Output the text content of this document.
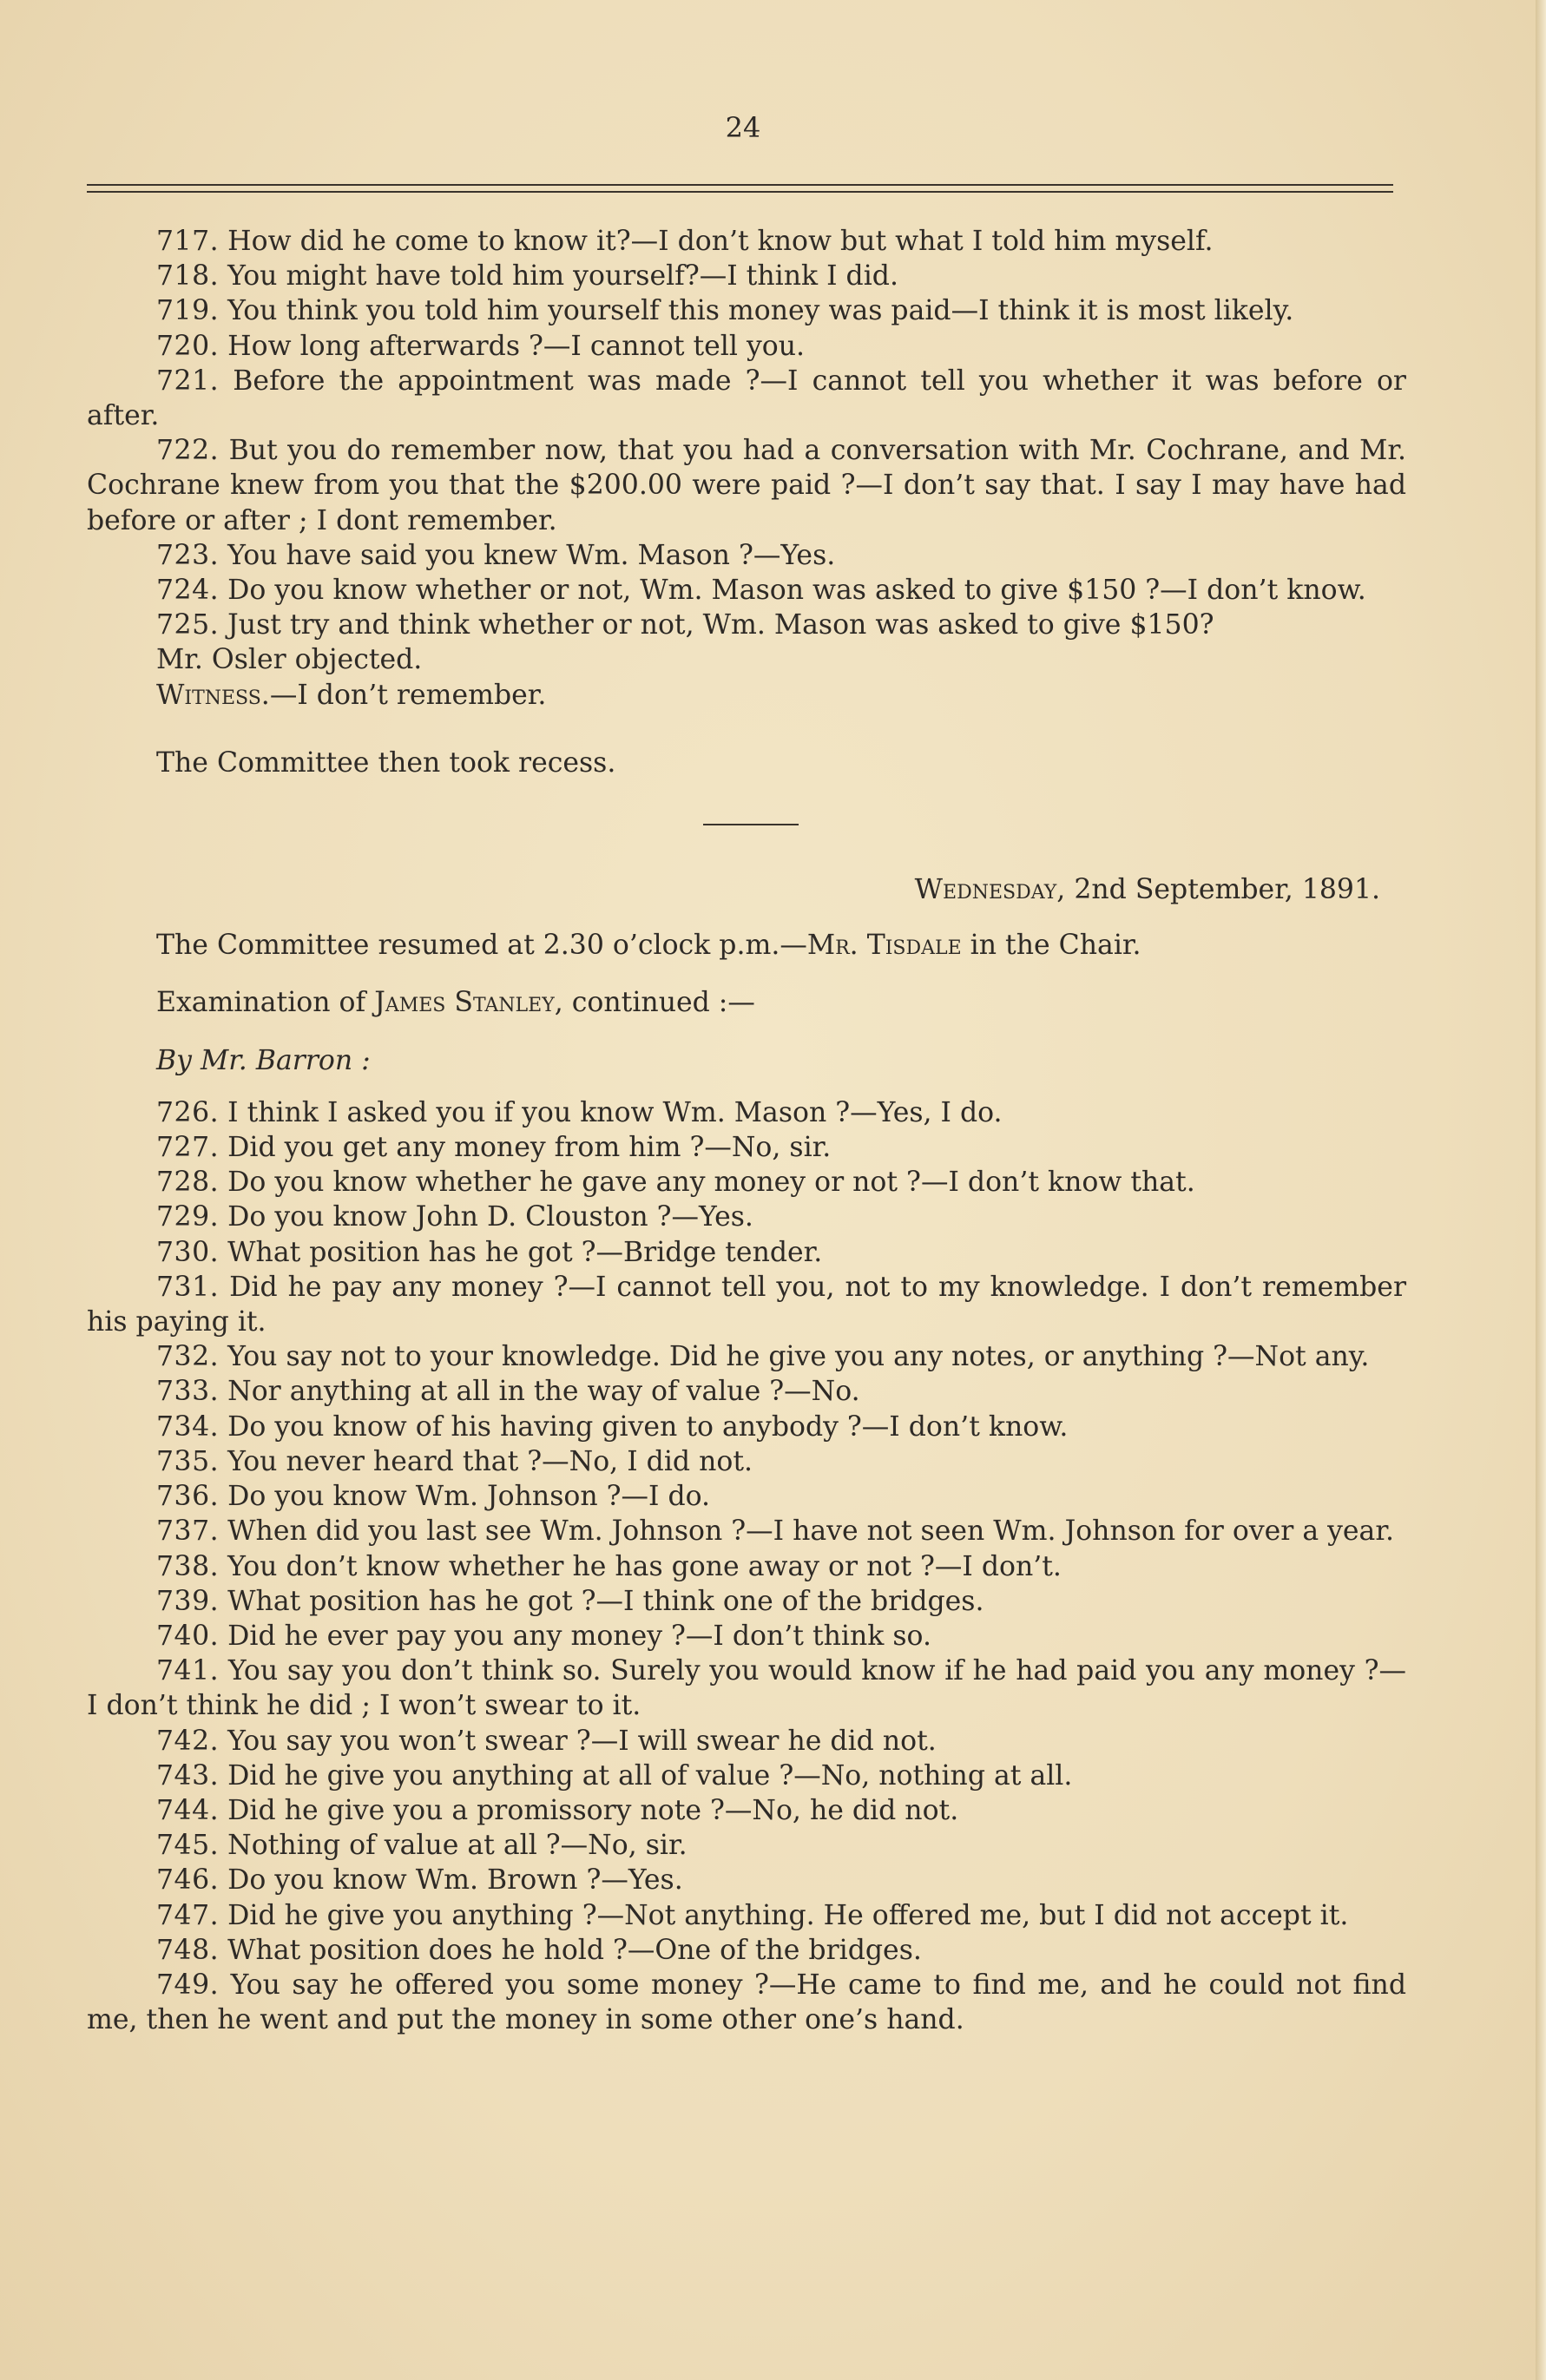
24

717. How did he come to know it?—I don’t know but what I told him myself.

718. You might have told him yourself?—I think I did.

719. You think you told him yourself this money was paid—I think it is most likely.

720. How long afterwards ?—I cannot tell you.

721. Before the appointment was made ?—I cannot tell you whether it was before or after.

722. But you do remember now, that you had a conversation with Mr. Cochrane, and Mr. Cochrane knew from you that the $200.00 were paid ?—I don’t say that. I say I may have had before or after ; I dont remember.

723. You have said you knew Wm. Mason ?—Yes.

724. Do you know whether or not, Wm. Mason was asked to give $150 ?—I don’t know.

725. Just try and think whether or not, Wm. Mason was asked to give $150?

Mr. Osler objected.

Witness.—I don’t remember.

The Committee then took recess.

Wednesday, 2nd September, 1891.

The Committee resumed at 2.30 o’clock p.m.—Mr. Tisdale in the Chair.

Examination of James Stanley, continued :—

By Mr. Barron :

726. I think I asked you if you know Wm. Mason ?—Yes, I do.

727. Did you get any money from him ?—No, sir.

728. Do you know whether he gave any money or not ?—I don’t know that.

729. Do you know John D. Clouston ?—Yes.

730. What position has he got ?—Bridge tender.

731. Did he pay any money ?—I cannot tell you, not to my knowledge. I don’t remember his paying it.

732. You say not to your knowledge. Did he give you any notes, or anything ?—Not any.

733. Nor anything at all in the way of value ?—No.

734. Do you know of his having given to anybody ?—I don’t know.

735. You never heard that ?—No, I did not.

736. Do you know Wm. Johnson ?—I do.

737. When did you last see Wm. Johnson ?—I have not seen Wm. Johnson for over a year.

738. You don’t know whether he has gone away or not ?—I don’t.

739. What position has he got ?—I think one of the bridges.

740. Did he ever pay you any money ?—I don’t think so.

741. You say you don’t think so. Surely you would know if he had paid you any money ?—I don’t think he did ; I won’t swear to it.

742. You say you won’t swear ?—I will swear he did not.

743. Did he give you anything at all of value ?—No, nothing at all.

744. Did he give you a promissory note ?—No, he did not.

745. Nothing of value at all ?—No, sir.

746. Do you know Wm. Brown ?—Yes.

747. Did he give you anything ?—Not anything. He offered me, but I did not accept it.

748. What position does he hold ?—One of the bridges.

749. You say he offered you some money ?—He came to find me, and he could not find me, then he went and put the money in some other one’s hand.
